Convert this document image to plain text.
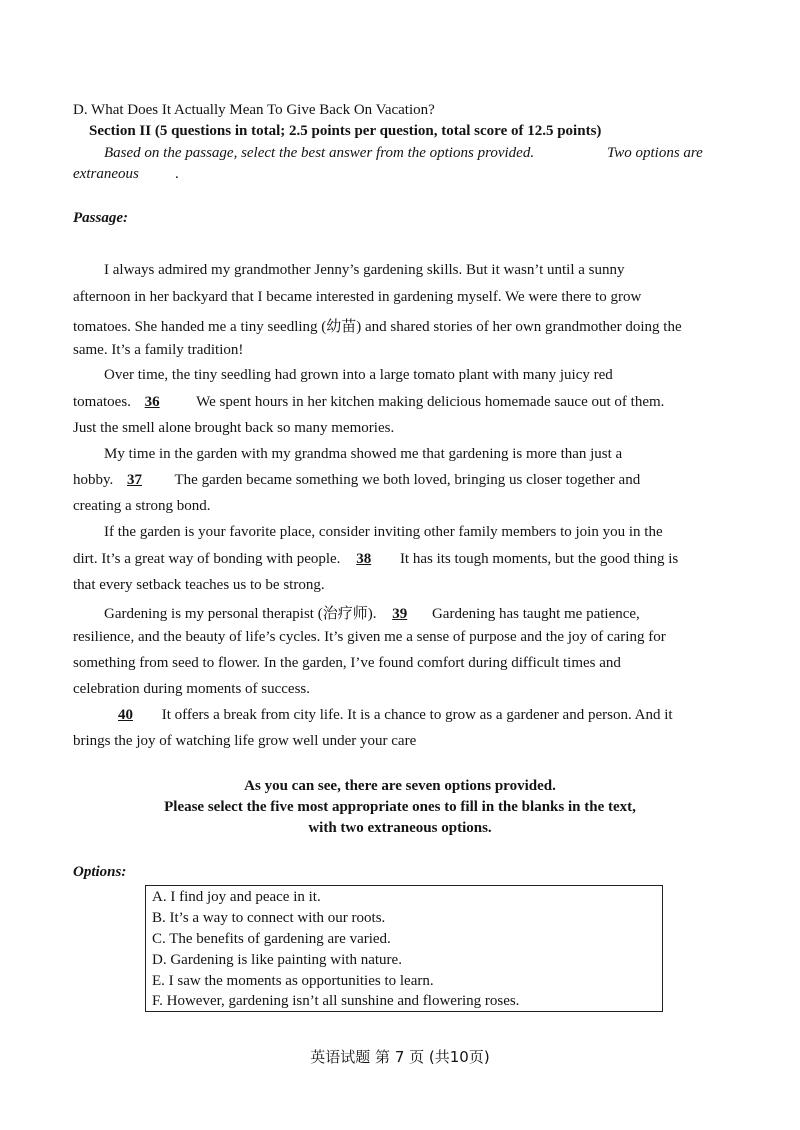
D. What Does It Actually Mean To Give Back On Vacation?
Section II (5 questions in total; 2.5 points per question, total score of 12.5 points)
Based on the passage, select the best answer from the options provided.	Two options are
extraneous .
Passage:
I always admired my grandmother Jenny’s gardening skills. But it wasn’t until a sunny
afternoon in her backyard that I became interested in gardening myself. We were there to grow
tomatoes. She handed me a tiny seedling (幼苗) and shared stories of her own grandmother doing the
same. It’s a family tradition!
Over time, the tiny seedling had grown into a large tomato plant with many juicy red
tomatoes. 36 We spent hours in her kitchen making delicious homemade sauce out of them.
Just the smell alone brought back so many memories.
My time in the garden with my grandma showed me that gardening is more than just a
hobby. 37 The garden became something we both loved, bringing us closer together and
creating a strong bond.
If the garden is your favorite place, consider inviting other family members to join you in the
dirt. It’s a great way of bonding with people. 38 It has its tough moments, but the good thing is
that every setback teaches us to be strong.
Gardening is my personal therapist (治疗师). 39 Gardening has taught me patience,
resilience, and the beauty of life’s cycles. It’s given me a sense of purpose and the joy of caring for
something from seed to flower. In the garden, I’ve found comfort during difficult times and
celebration during moments of success.
40 It offers a break from city life. It is a chance to grow as a gardener and person. And it
brings the joy of watching life grow well under your care
As you can see, there are seven options provided.
Please select the five most appropriate ones to fill in the blanks in the text,
with two extraneous options.
Options:
A. I find joy and peace in it.
B. It’s a way to connect with our roots.
C. The benefits of gardening are varied.
D. Gardening is like painting with nature.
E. I saw the moments as opportunities to learn.
F. However, gardening isn’t all sunshine and flowering roses.
英语试题 第 7 页 (共10页)
